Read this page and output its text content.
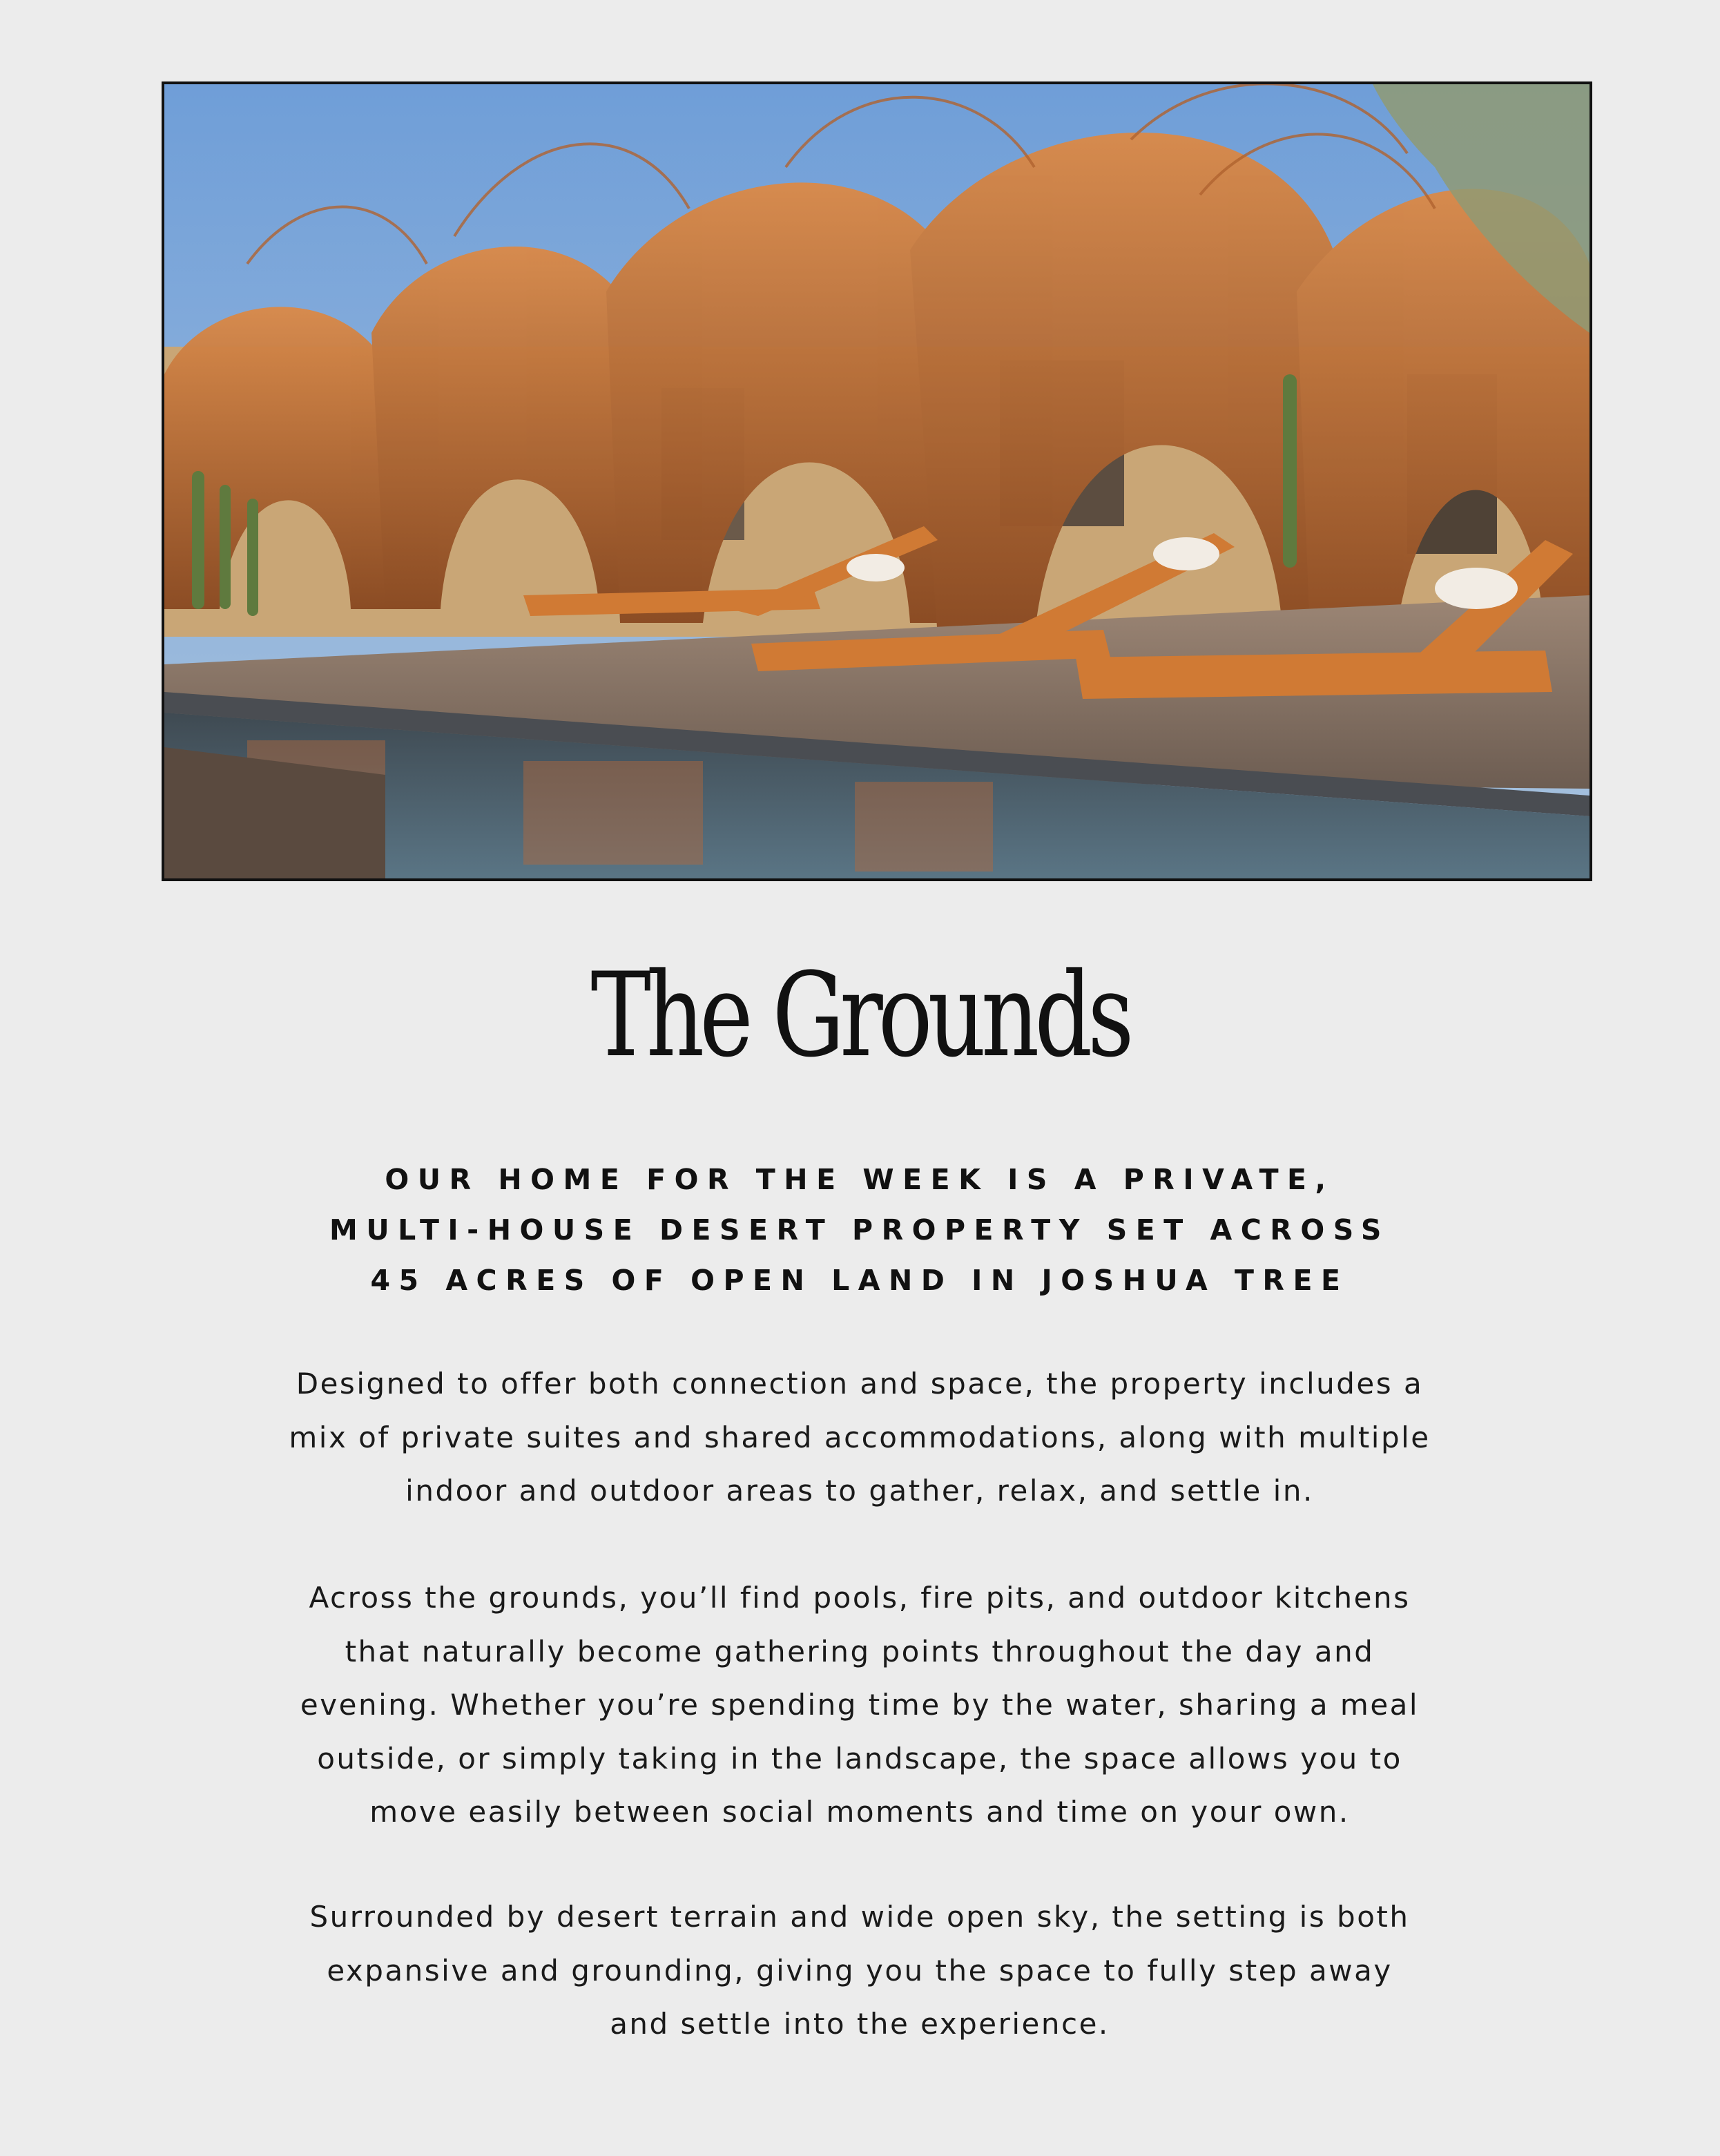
The Grounds
OUR HOME FOR THE WEEK IS A PRIVATE,
MULTI-HOUSE DESERT PROPERTY SET ACROSS
45 ACRES OF OPEN LAND IN JOSHUA TREE
Designed to offer both connection and space, the property includes a
mix of private suites and shared accommodations, along with multiple
indoor and outdoor areas to gather, relax, and settle in.
Across the grounds, you’ll find pools, fire pits, and outdoor kitchens
that naturally become gathering points throughout the day and
evening. Whether you’re spending time by the water, sharing a meal
outside, or simply taking in the landscape, the space allows you to
move easily between social moments and time on your own.
Surrounded by desert terrain and wide open sky, the setting is both
expansive and grounding, giving you the space to fully step away
and settle into the experience.
